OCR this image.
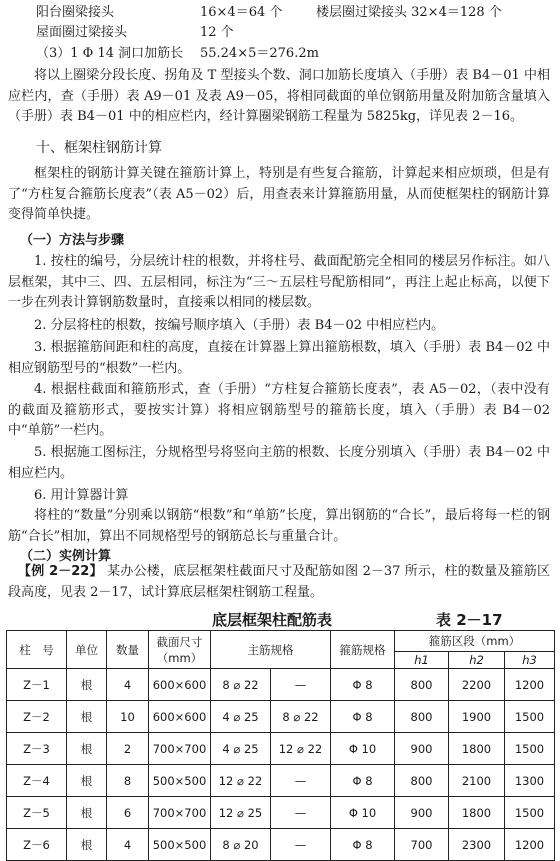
阳台圈梁接头	16×4＝64 个	楼层圈过梁接头 32×4＝128 个
屋面圈过梁接头	12 个
（3）1 Φ 14 洞口加筋长 55.24×5＝276.2m
将以上圈梁分段长度、拐角及 T 型接头个数、洞口加筋长度填入（手册）表 B4－01 中相应栏内，查（手册）表 A9－01 及表 A9－05，将相同截面的单位钢筋用量及附加筋含量填入（手册）表 B4－01 中的相应栏内，经计算圈梁钢筋工程量为 5825kg，详见表 2－16。
十、框架柱钢筋计算
框架柱的钢筋计算关键在箍筋计算上，特别是有些复合箍筋，计算起来相应烦琐，但是有了“方柱复合箍筋长度表”（表 A5－02）后，用查表来计算箍筋用量，从而使框架柱的钢筋计算变得简单快捷。
（一）方法与步骤
1. 按柱的编号，分层统计柱的根数，并将柱号、截面配筋完全相同的楼层另作标注。如八层框架，其中三、四、五层相同，标注为“三～五层柱号配筋相同”，再注上起止标高，以便下一步在列表计算钢筋数量时，直接乘以相同的楼层数。
2. 分层将柱的根数，按编号顺序填入（手册）表 B4－02 中相应栏内。
3. 根据箍筋间距和柱的高度，直接在计算器上算出箍筋根数，填入（手册）表 B4－02 中相应钢筋型号的“根数”一栏内。
4. 根据柱截面和箍筋形式，查（手册）“方柱复合箍筋长度表”，表 A5－02，（表中没有的截面及箍筋形式，要按实计算）将相应钢筋型号的箍筋长度，填入（手册）表 B4－02 中“单筋”一栏内。
5. 根据施工图标注，分规格型号将竖向主筋的根数、长度分别填入（手册）表 B4－02 中相应栏内。
6. 用计算器计算
将柱的“数量”分别乘以钢筋“根数”和“单筋”长度，算出钢筋的“合长”，最后将每一栏的钢筋“合长”相加，算出不同规格型号的钢筋总长与重量合计。
（二）实例计算
【例 2－22】 某办公楼，底层框架柱截面尺寸及配筋如图 2－37 所示，柱的数量及箍筋区段高度，见表 2－17，试计算底层框架柱钢筋工程量。
底层框架柱配筋表	表 2－17
柱　号	单位	数量	截面尺寸
（mm）	主筋规格		箍筋规格	箍筋区段（mm）		
							h1	h2	h3
Z－1	根	4	600×600	8 ⌀ 22	—	Φ 8	800	2200	1200
Z－2	根	10	600×600	4 ⌀ 25	8 ⌀ 22	Φ 8	800	1900	1500
Z－3	根	2	700×700	4 ⌀ 25	12 ⌀ 22	Φ 10	900	1800	1500
Z－4	根	8	500×500	12 ⌀ 22	—	Φ 8	800	2100	1300
Z－5	根	6	700×700	12 ⌀ 25	—	Φ 10	900	1800	1500
Z－6	根	4	500×500	8 ⌀ 20	—	Φ 8	700	2300	1200
